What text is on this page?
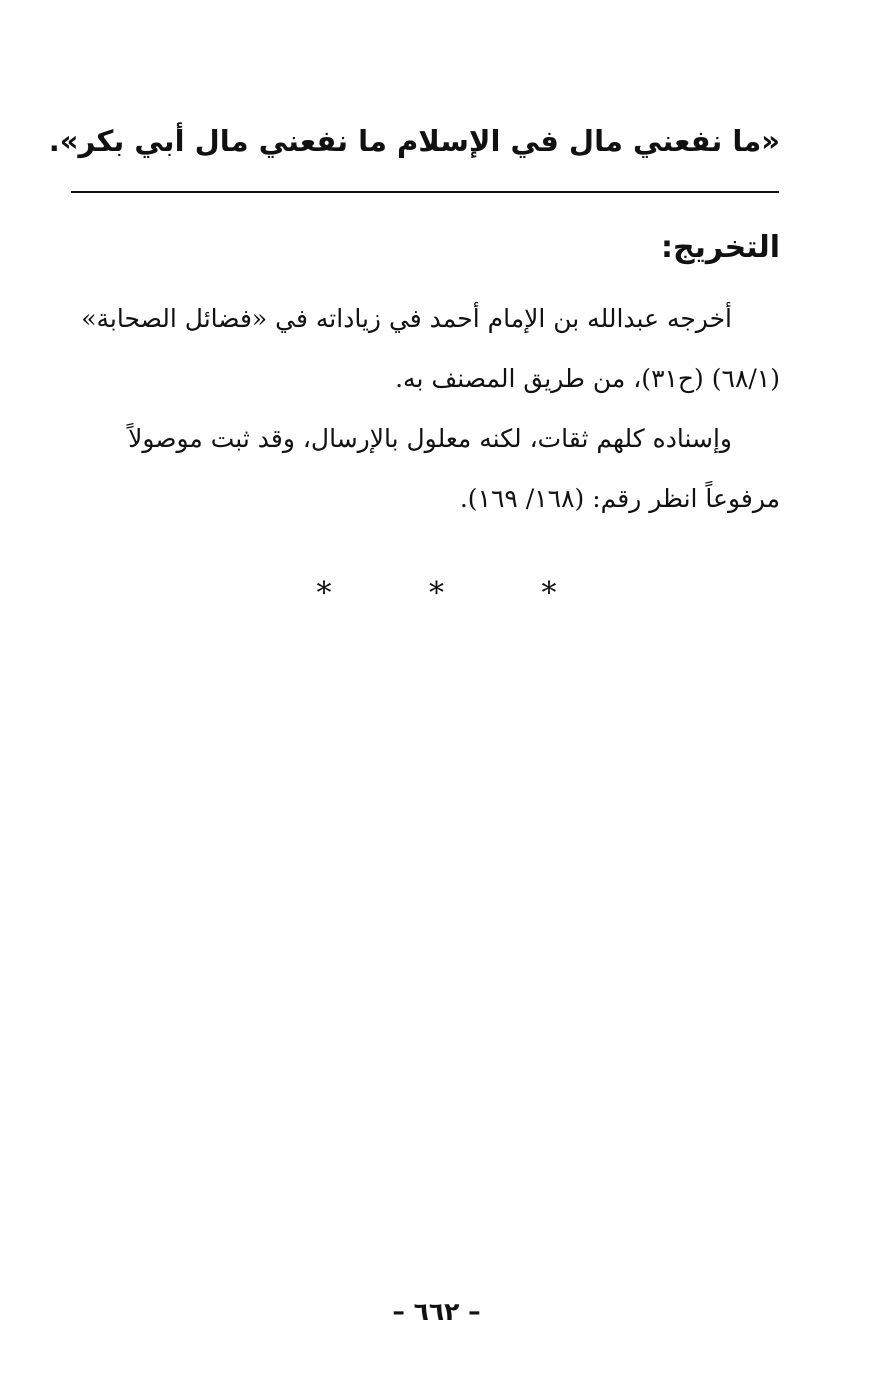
«ما نفعني مال في الإسلام ما نفعني مال أبي بكر».
التخريج:
أخرجه عبدالله بن الإمام أحمد في زياداته في «فضائل الصحابة»
(٦٨/١) (ح٣١)، من طريق المصنف به.
وإسناده كلهم ثقات، لكنه معلول بالإرسال، وقد ثبت موصولاً
مرفوعاً انظر رقم: (١٦٨/ ١٦٩).
* * *
– ٦٦٢ –
